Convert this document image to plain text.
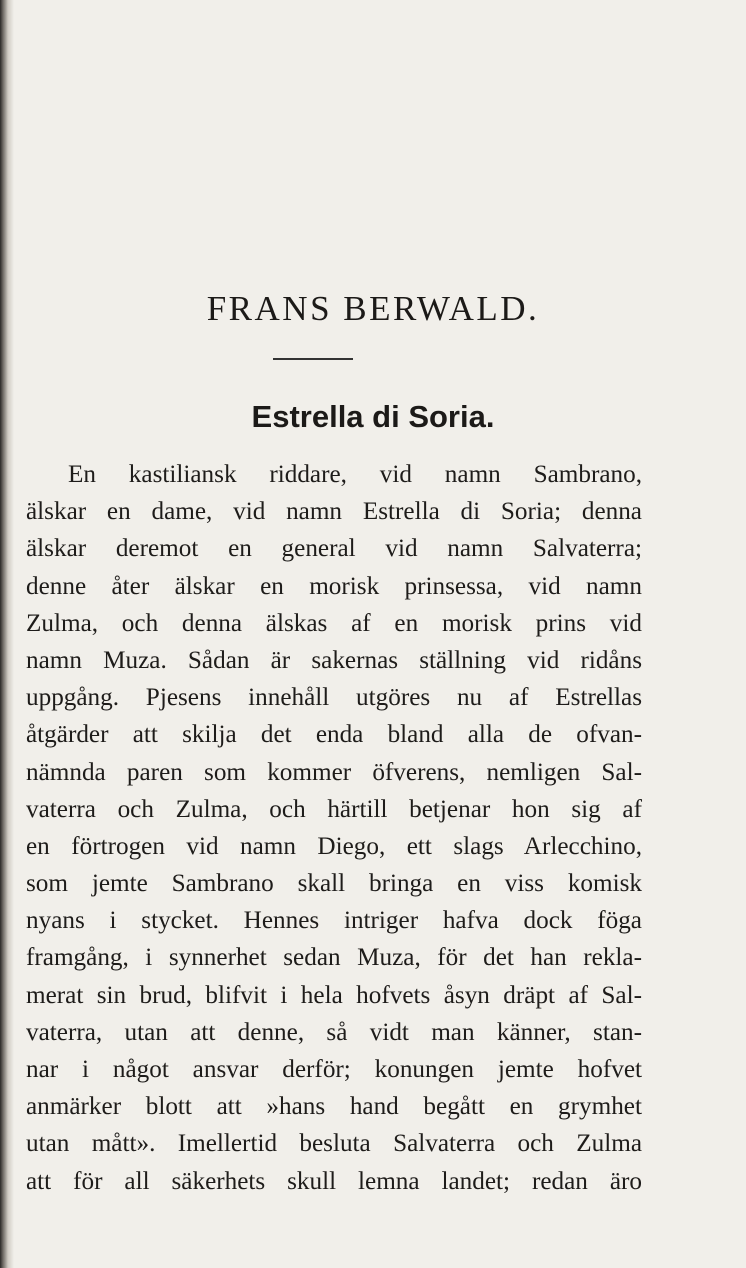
FRANS BERWALD.
Estrella di Soria.
En kastiliansk riddare, vid namn Sambrano,
älskar en dame, vid namn Estrella di Soria; denna
älskar deremot en general vid namn Salvaterra;
denne åter älskar en morisk prinsessa, vid namn
Zulma, och denna älskas af en morisk prins vid
namn Muza. Sådan är sakernas ställning vid ridåns
uppgång. Pjesens innehåll utgöres nu af Estrellas
åtgärder att skilja det enda bland alla de ofvan-
nämnda paren som kommer öfverens, nemligen Sal-
vaterra och Zulma, och härtill betjenar hon sig af
en förtrogen vid namn Diego, ett slags Arlecchino,
som jemte Sambrano skall bringa en viss komisk
nyans i stycket. Hennes intriger hafva dock föga
framgång, i synnerhet sedan Muza, för det han rekla-
merat sin brud, blifvit i hela hofvets åsyn dräpt af Sal-
vaterra, utan att denne, så vidt man känner, stan-
nar i något ansvar derför; konungen jemte hofvet
anmärker blott att »hans hand begått en grymhet
utan mått». Imellertid besluta Salvaterra och Zulma
att för all säkerhets skull lemna landet; redan äro
